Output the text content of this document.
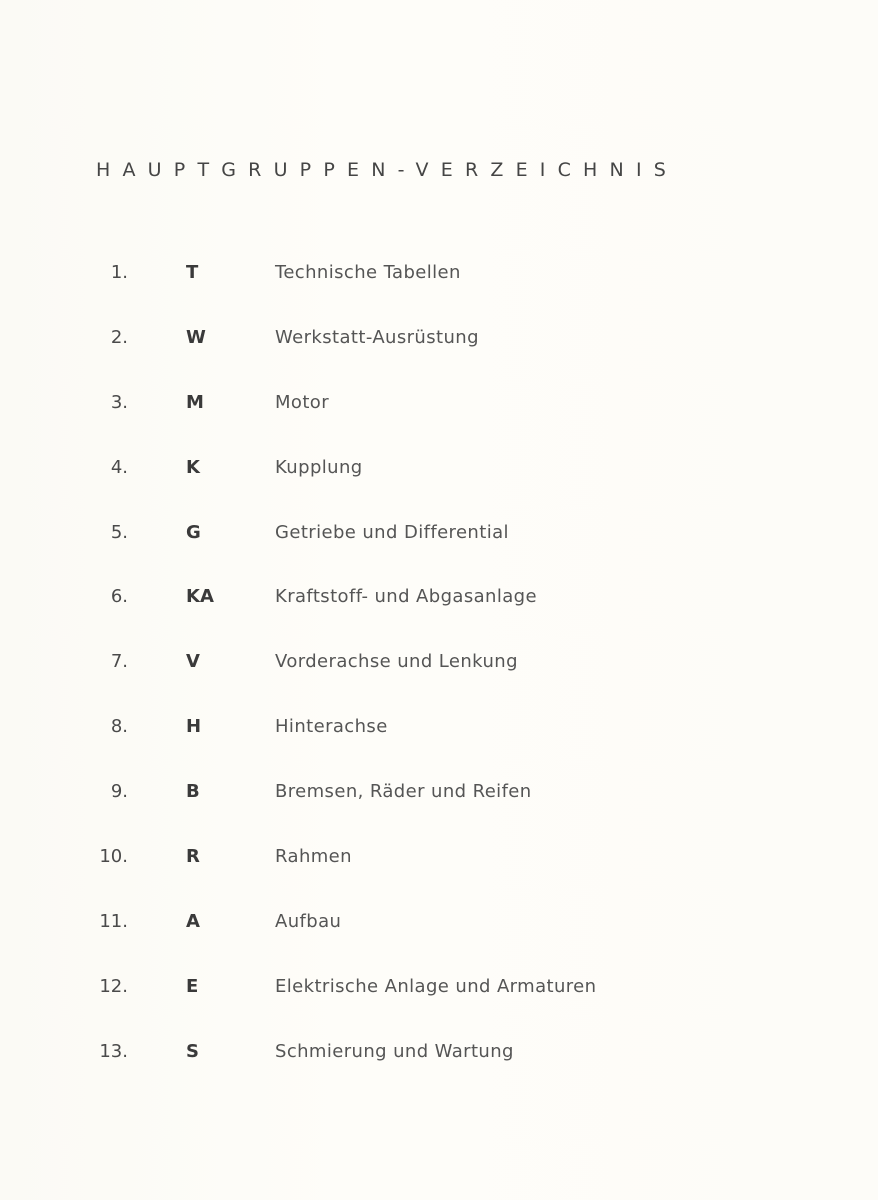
HAUPTGRUPPEN-VERZEICHNIS
1.	T	Technische Tabellen
2.	W	Werkstatt-Ausrüstung
3.	M	Motor
4.	K	Kupplung
5.	G	Getriebe und Differential
6.	KA	Kraftstoff- und Abgasanlage
7.	V	Vorderachse und Lenkung
8.	H	Hinterachse
9.	B	Bremsen, Räder und Reifen
10.	R	Rahmen
11.	A	Aufbau
12.	E	Elektrische Anlage und Armaturen
13.	S	Schmierung und Wartung
